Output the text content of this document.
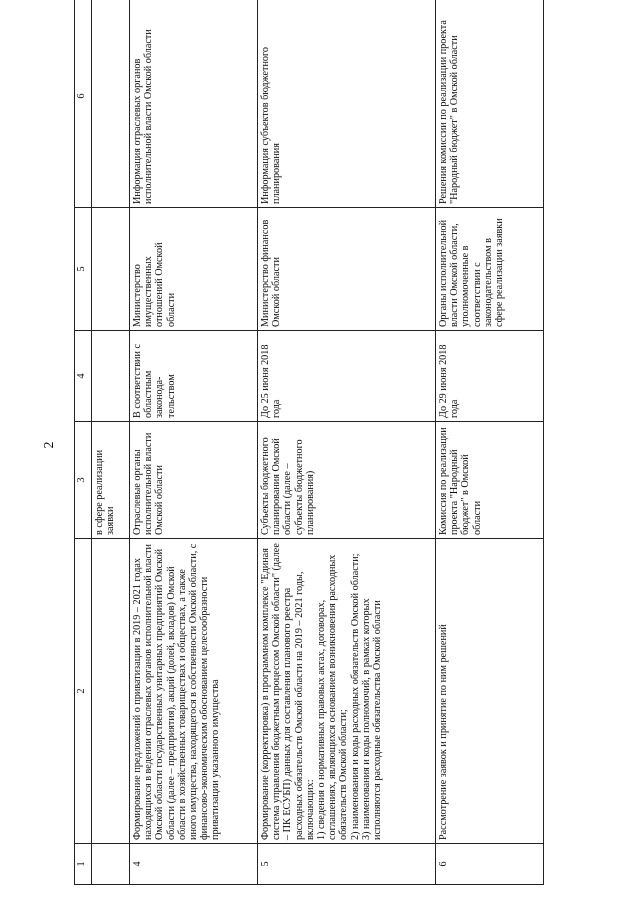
2
1	2	3	4	5	6
		в сфере реализации заявки			
4	Формирование предложений о приватизации в 2019 – 2021 годах находящихся в ведении отраслевых органов исполнительной власти Омской области государственных унитарных предприятий Омской области (далее – предприятия), акций (долей, вкладов) Омской области в хозяйственных товариществах и обществах, а также иного имущества, находящегося в собственности Омской области, с финансово-экономическим обоснованием целесообразности приватизации указанного имущества	Отраслевые органы исполнительной власти Омской области	В соответствии с областным законода-тельством	Министерство имущественных отношений Омской области	Информация отраслевых органов исполнительной власти Омской области
5	Формирование (корректировка) в программном комплексе "Единая система управления бюджетным процессом Омской области" (далее – ПК ЕСУБП) данных для составления планового реестра расходных обязательств Омской области на 2019 – 2021 годы, включающих:
1) сведения о нормативных правовых актах, договорах, соглашениях, являющихся основанием возникновения расходных обязательств Омской области;
2) наименования и коды расходных обязательств Омской области;
3) наименования и коды полномочий, в рамках которых исполняются расходные обязательства Омской области	Субъекты бюджетного планирования Омской области (далее – субъекты бюджетного планирования)	До 25 июня 2018 года	Министерство финансов Омской области	Информация субъектов бюджетного планирования
6	Рассмотрение заявок и принятие по ним решений	Комиссия по реализации проекта "Народный бюджет" в Омской области	До 29 июня 2018 года	Органы исполнительной власти Омской области, уполномоченные в соответствии с законодательством в сфере реализации заявки	Решения комиссии по реализации проекта "Народный бюджет" в Омской области
